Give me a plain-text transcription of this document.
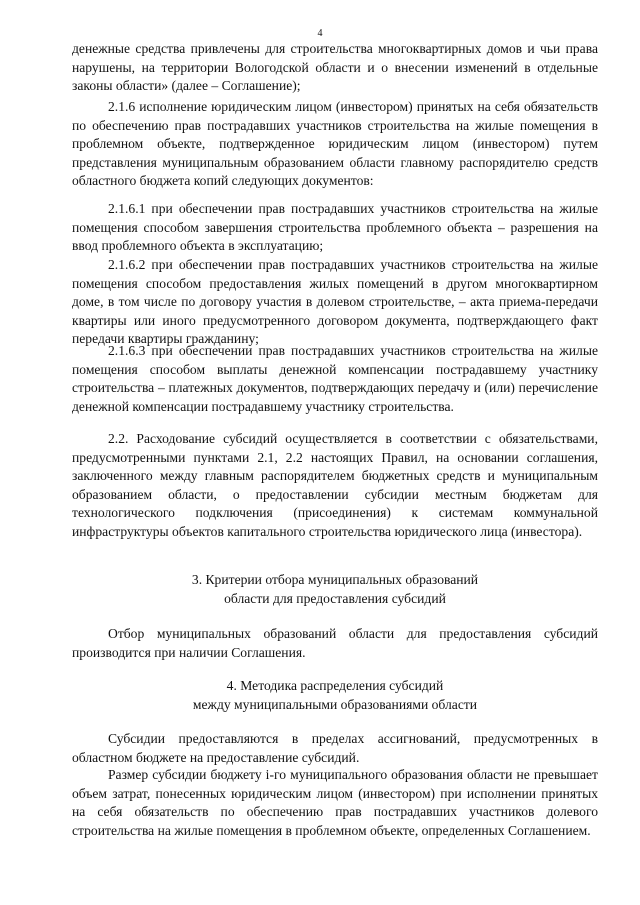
4

денежные средства привлечены для строительства многоквартирных домов и чьи права нарушены, на территории Вологодской области и о внесении изменений в отдельные законы области» (далее – Соглашение);

2.1.6 исполнение юридическим лицом (инвестором) принятых на себя обязательств по обеспечению прав пострадавших участников строительства на жилые помещения в проблемном объекте, подтвержденное юридическим лицом (инвестором) путем представления муниципальным образованием области главному распорядителю средств областного бюджета копий следующих документов:

2.1.6.1 при обеспечении прав пострадавших участников строительства на жилые помещения способом завершения строительства проблемного объекта – разрешения на ввод проблемного объекта в эксплуатацию;

2.1.6.2 при обеспечении прав пострадавших участников строительства на жилые помещения способом предоставления жилых помещений в другом многоквартирном доме, в том числе по договору участия в долевом строительстве, – акта приема-передачи квартиры или иного предусмотренного договором документа, подтверждающего факт передачи квартиры гражданину;

2.1.6.3 при обеспечении прав пострадавших участников строительства на жилые помещения способом выплаты денежной компенсации пострадавшему участнику строительства – платежных документов, подтверждающих передачу и (или) перечисление денежной компенсации пострадавшему участнику строительства.

2.2. Расходование субсидий осуществляется в соответствии с обязательствами, предусмотренными пунктами 2.1, 2.2 настоящих Правил, на основании соглашения, заключенного между главным распорядителем бюджетных средств и муниципальным образованием области, о предоставлении субсидии местным бюджетам для технологического подключения (присоединения) к системам коммунальной инфраструктуры объектов капитального строительства юридического лица (инвестора).

3. Критерии отбора муниципальных образований
области для предоставления субсидий

Отбор муниципальных образований области для предоставления субсидий производится при наличии Соглашения.

4. Методика распределения субсидий
между муниципальными образованиями области

Субсидии предоставляются в пределах ассигнований, предусмотренных в областном бюджете на предоставление субсидий.

Размер субсидии бюджету i-го муниципального образования области не превышает объем затрат, понесенных юридическим лицом (инвестором) при исполнении принятых на себя обязательств по обеспечению прав пострадавших участников долевого строительства на жилые помещения в проблемном объекте, определенных Соглашением.
